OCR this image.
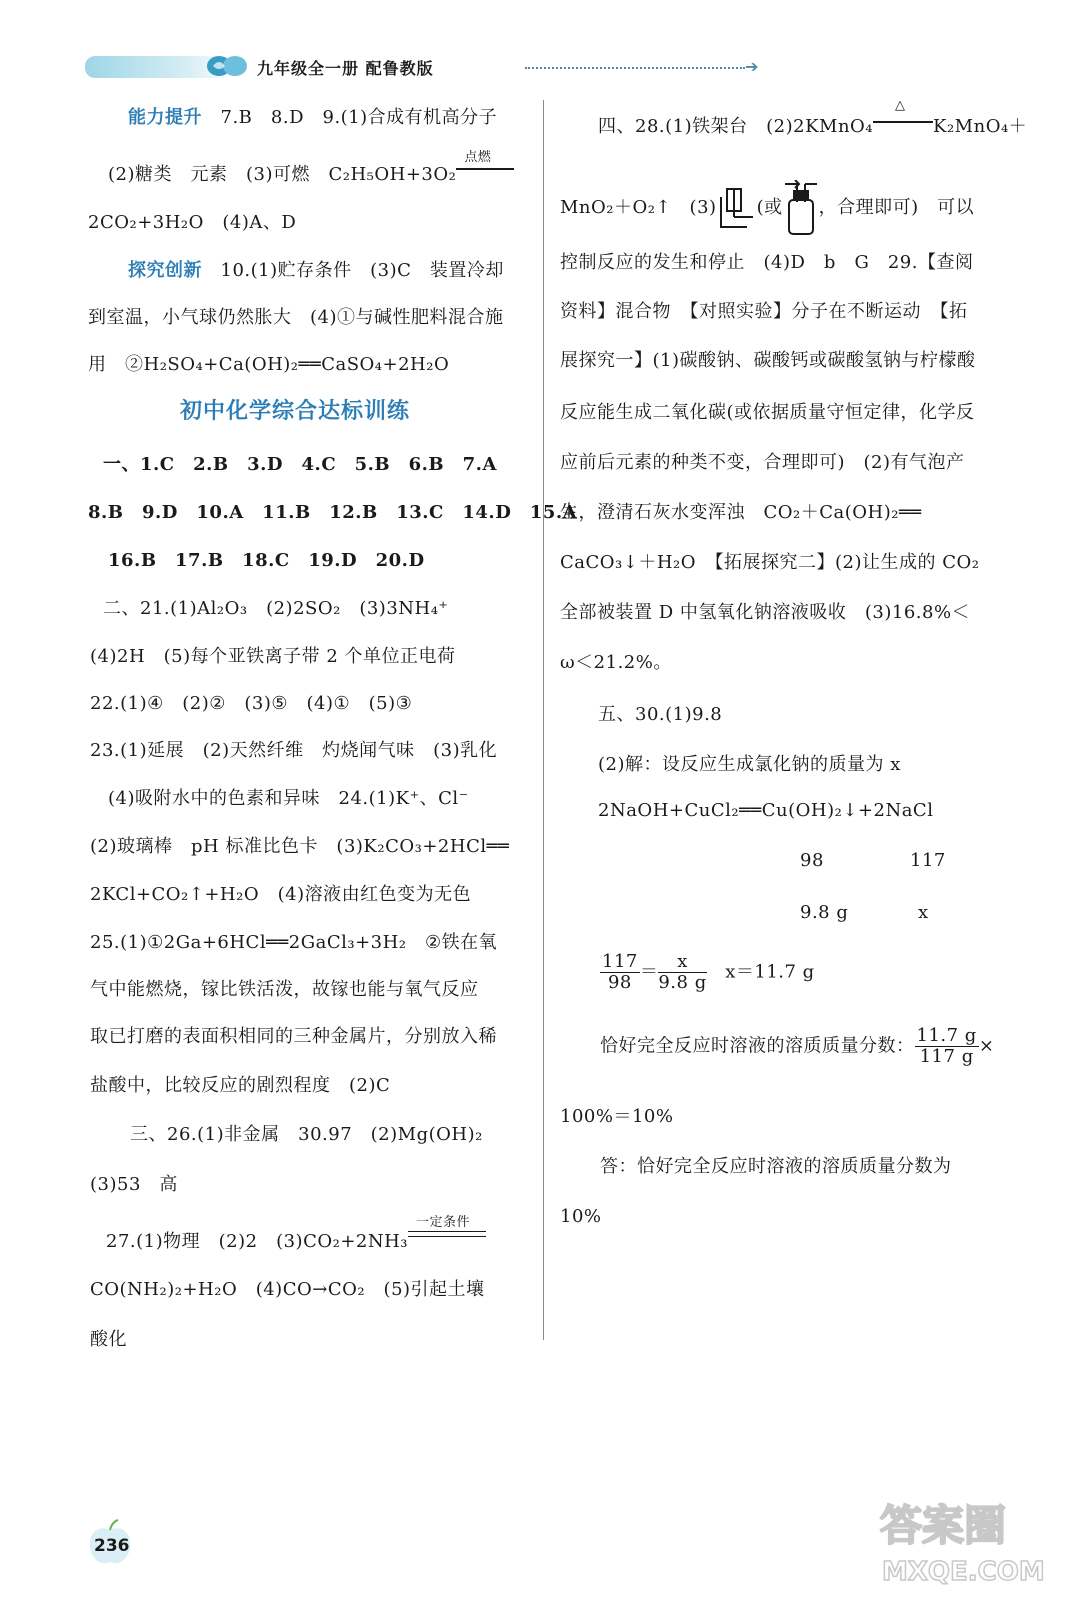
九年级全一册 配鲁教版	➔
能力提升　 7.B　8.D　9.(1)合成有机高分子
(2)糖类　元素　(3)可燃　C₂H₅OH+3O₂
点燃
2CO₂+3H₂O　(4)A、D
探究创新　 10.(1)贮存条件　(3)C　装置冷却
到室温，小气球仍然胀大　(4)①与碱性肥料混合施
用　②H₂SO₄+Ca(OH)₂══CaSO₄+2H₂O
初中化学综合达标训练
一、1.C　2.B　3.D　4.C　5.B　6.B　7.A
8.B　9.D　10.A　11.B　12.B　13.C　14.D　15.A
16.B　17.B　18.C　19.D　20.D
二、21.(1)Al₂O₃　(2)2SO₂　(3)3NH₄⁺
(4)2H　(5)每个亚铁离子带 2 个单位正电荷
22.(1)④　(2)②　(3)⑤　(4)①　(5)③
23.(1)延展　(2)天然纤维　灼烧闻气味　(3)乳化
(4)吸附水中的色素和异味　24.(1)K⁺、Cl⁻
(2)玻璃棒　pH 标准比色卡　(3)K₂CO₃+2HCl══
2KCl+CO₂↑+H₂O　(4)溶液由红色变为无色
25.(1)①2Ga+6HCl══2GaCl₃+3H₂　②铁在氧
气中能燃烧，镓比铁活泼，故镓也能与氧气反应
取已打磨的表面积相同的三种金属片，分别放入稀
盐酸中，比较反应的剧烈程度　(2)C
三、26.(1)非金属　30.97　(2)Mg(OH)₂
(3)53　高
27.(1)物理　(2)2　(3)CO₂+2NH₃
一定条件
CO(NH₂)₂+H₂O　(4)CO→CO₂　(5)引起土壤
酸化
四、28.(1)铁架台　(2)2KMnO₄
△
K₂MnO₄＋
MnO₂＋O₂↑　(3) (或 ，合理即可)　可以
控制反应的发生和停止　(4)D　b　G　29.【查阅
资料】混合物　【对照实验】分子在不断运动　【拓
展探究一】(1)碳酸钠、碳酸钙或碳酸氢钠与柠檬酸
反应能生成二氧化碳(或依据质量守恒定律，化学反
应前后元素的种类不变，合理即可)　(2)有气泡产
生，澄清石灰水变浑浊　CO₂＋Ca(OH)₂══
CaCO₃↓＋H₂O　【拓展探究二】(2)让生成的 CO₂
全部被装置 D 中氢氧化钠溶液吸收　(3)16.8%＜
ω＜21.2%。
五、30.(1)9.8
(2)解：设反应生成氯化钠的质量为 x
2NaOH+CuCl₂══Cu(OH)₂↓+2NaCl
98	117
9.8 g	x
$\frac{117}{98} = \frac{x}{9.8 g}$
　 x＝11.7 g
恰好完全反应时溶液的溶质质量分数： $\frac{11.7 g}{117 g}$ ×
100%＝10%
答：恰好完全反应时溶液的溶质质量分数为
10%
236	答案圈
MXQE.COM
